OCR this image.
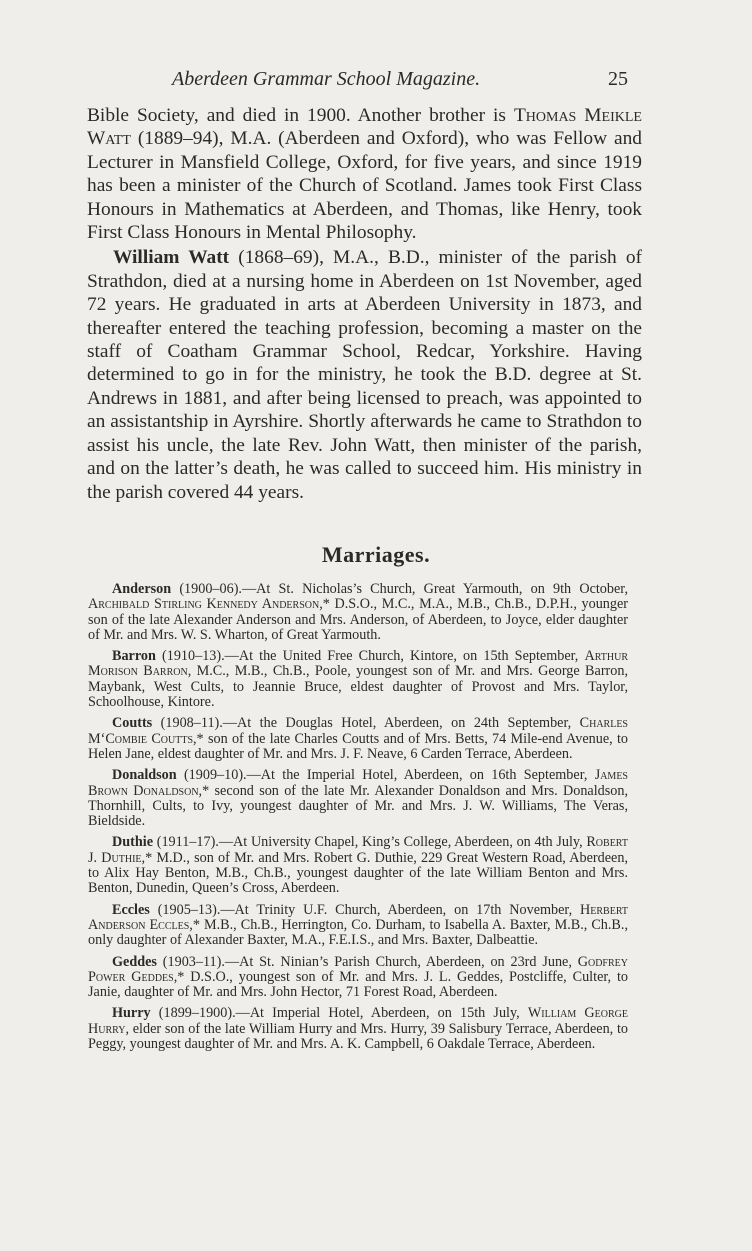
Aberdeen Grammar School Magazine.	25

Bible Society, and died in 1900. Another brother is Thomas Meikle Watt (1889–94), M.A. (Aberdeen and Oxford), who was Fellow and Lecturer in Mansfield College, Oxford, for five years, and since 1919 has been a minister of the Church of Scotland. James took First Class Honours in Mathematics at Aberdeen, and Thomas, like Henry, took First Class Honours in Mental Philosophy.

William Watt (1868–69), M.A., B.D., minister of the parish of Strathdon, died at a nursing home in Aberdeen on 1st November, aged 72 years. He graduated in arts at Aberdeen University in 1873, and thereafter entered the teaching profession, becoming a master on the staff of Coatham Grammar School, Redcar, Yorkshire. Having determined to go in for the ministry, he took the B.D. degree at St. Andrews in 1881, and after being licensed to preach, was appointed to an assistantship in Ayrshire. Shortly afterwards he came to Strathdon to assist his uncle, the late Rev. John Watt, then minister of the parish, and on the latter’s death, he was called to succeed him. His ministry in the parish covered 44 years.

Marriages.

Anderson (1900–06).—At St. Nicholas’s Church, Great Yarmouth, on 9th October, Archibald Stirling Kennedy Anderson,* D.S.O., M.C., M.A., M.B., Ch.B., D.P.H., younger son of the late Alexander Anderson and Mrs. Anderson, of Aberdeen, to Joyce, elder daughter of Mr. and Mrs. W. S. Wharton, of Great Yarmouth.

Barron (1910–13).—At the United Free Church, Kintore, on 15th September, Arthur Morison Barron, M.C., M.B., Ch.B., Poole, youngest son of Mr. and Mrs. George Barron, Maybank, West Cults, to Jeannie Bruce, eldest daughter of Provost and Mrs. Taylor, Schoolhouse, Kintore.

Coutts (1908–11).—At the Douglas Hotel, Aberdeen, on 24th September, Charles M‘Combie Coutts,* son of the late Charles Coutts and of Mrs. Betts, 74 Mile-end Avenue, to Helen Jane, eldest daughter of Mr. and Mrs. J. F. Neave, 6 Carden Terrace, Aberdeen.

Donaldson (1909–10).—At the Imperial Hotel, Aberdeen, on 16th September, James Brown Donaldson,* second son of the late Mr. Alexander Donaldson and Mrs. Donaldson, Thornhill, Cults, to Ivy, youngest daughter of Mr. and Mrs. J. W. Williams, The Veras, Bieldside.

Duthie (1911–17).—At University Chapel, King’s College, Aberdeen, on 4th July, Robert J. Duthie,* M.D., son of Mr. and Mrs. Robert G. Duthie, 229 Great Western Road, Aberdeen, to Alix Hay Benton, M.B., Ch.B., youngest daughter of the late William Benton and Mrs. Benton, Dunedin, Queen’s Cross, Aberdeen.

Eccles (1905–13).—At Trinity U.F. Church, Aberdeen, on 17th November, Herbert Anderson Eccles,* M.B., Ch.B., Herrington, Co. Durham, to Isabella A. Baxter, M.B., Ch.B., only daughter of Alexander Baxter, M.A., F.E.I.S., and Mrs. Baxter, Dalbeattie.

Geddes (1903–11).—At St. Ninian’s Parish Church, Aberdeen, on 23rd June, Godfrey Power Geddes,* D.S.O., youngest son of Mr. and Mrs. J. L. Geddes, Postcliffe, Culter, to Janie, daughter of Mr. and Mrs. John Hector, 71 Forest Road, Aberdeen.

Hurry (1899–1900).—At Imperial Hotel, Aberdeen, on 15th July, William George Hurry, elder son of the late William Hurry and Mrs. Hurry, 39 Salisbury Terrace, Aberdeen, to Peggy, youngest daughter of Mr. and Mrs. A. K. Campbell, 6 Oakdale Terrace, Aberdeen.
